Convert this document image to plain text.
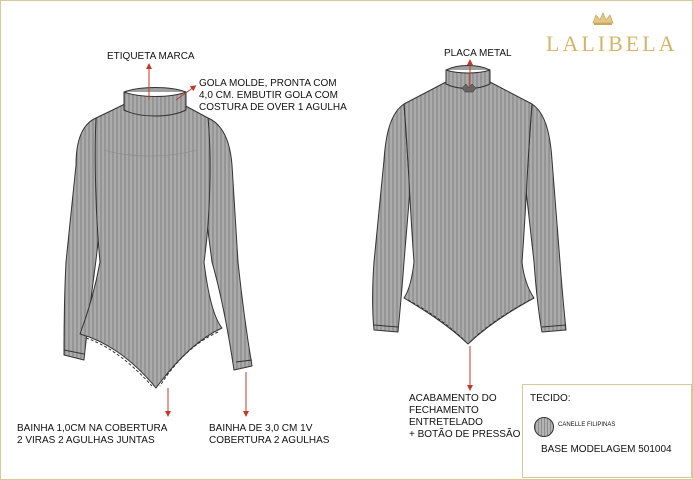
LALIBELA
ETIQUETA MARCA
GOLA MOLDE, PRONTA COM
4,0 CM. EMBUTIR GOLA COM
COSTURA DE OVER 1 AGULHA
BAINHA 1,0CM NA COBERTURA
2 VIRAS 2 AGULHAS JUNTAS
BAINHA DE 3,0 CM 1V
COBERTURA 2 AGULHAS
PLACA METAL
ACABAMENTO DO
FECHAMENTO
ENTRETELADO
+ BOTÃO DE PRESSÃO
TECIDO:
CANELLE FILIPINAS
BASE MODELAGEM 501004
